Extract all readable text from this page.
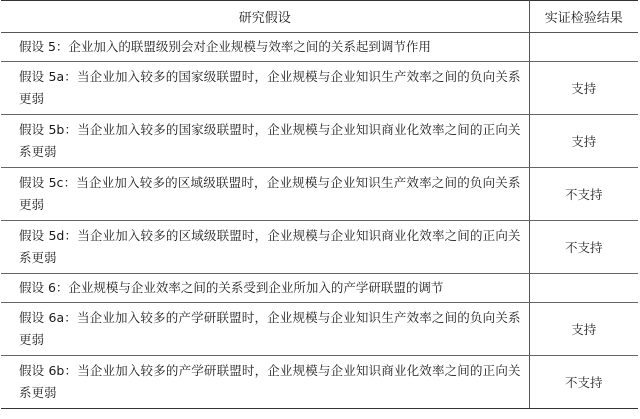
研究假设	实证检验结果
假设 5：企业加入的联盟级别会对企业规模与效率之间的关系起到调节作用	
假设 5a：当企业加入较多的国家级联盟时，企业规模与企业知识生产效率之间的负向关系更弱	支持
假设 5b：当企业加入较多的国家级联盟时，企业规模与企业知识商业化效率之间的正向关系更弱	支持
假设 5c：当企业加入较多的区域级联盟时，企业规模与企业知识生产效率之间的负向关系更弱	不支持
假设 5d：当企业加入较多的区域级联盟时，企业规模与企业知识商业化效率之间的正向关系更弱	不支持
假设 6：企业规模与企业效率之间的关系受到企业所加入的产学研联盟的调节	
假设 6a：当企业加入较多的产学研联盟时，企业规模与企业知识生产效率之间的负向关系更弱	支持
假设 6b：当企业加入较多的产学研联盟时，企业规模与企业知识商业化效率之间的正向关系更弱	不支持
